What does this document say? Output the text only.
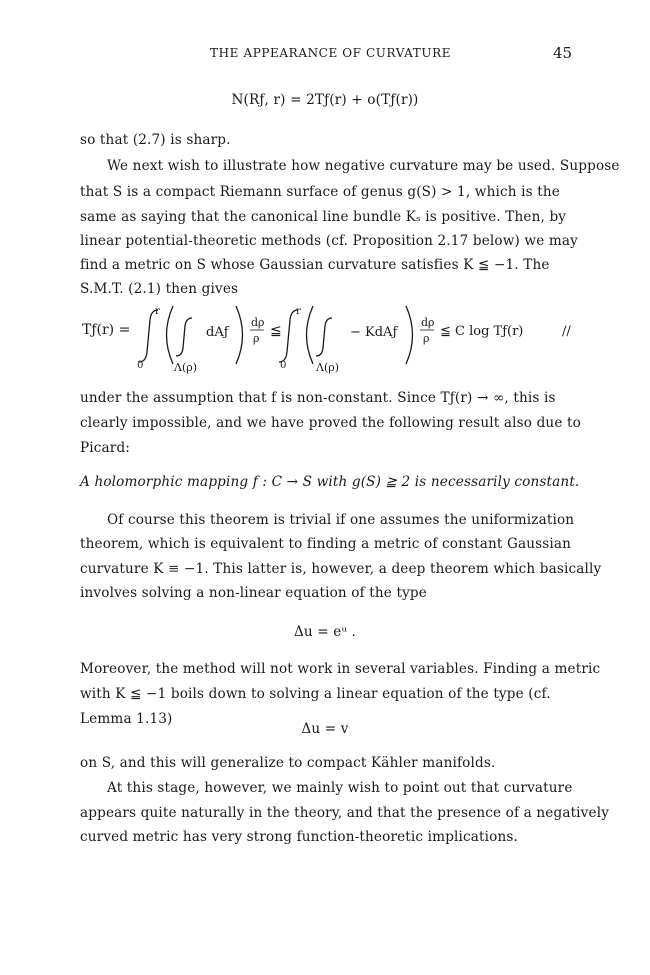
THE APPEARANCE OF CURVATURE	45
N(Rƒ, r) = 2Tƒ(r) + o(Tƒ(r))
so that (2.7) is sharp.
We next wish to illustrate how negative curvature may be used. Suppose
that S is a compact Riemann surface of genus g(S) > 1, which is the
same as saying that the canonical line bundle Kₛ is positive. Then, by
linear potential-theoretic methods (cf. Proposition 2.17 below) we may
find a metric on S whose Gaussian curvature satisfies K ≦ −1. The
S.M.T. (2.1) then gives
Tƒ(r) =
r
0	Λ(ρ)
dAƒ
dρ
ρ ≦
r
0	Λ(ρ)
− KdAƒ
dρ
ρ ≦ C log Tƒ(r)	//
under the assumption that f is non-constant. Since Tƒ(r) → ∞, this is
clearly impossible, and we have proved the following result also due to
Picard:
A holomorphic mapping f : C → S with g(S) ≧ 2 is necessarily constant.
Of course this theorem is trivial if one assumes the uniformization
theorem, which is equivalent to finding a metric of constant Gaussian
curvature K ≡ −1. This latter is, however, a deep theorem which basically
involves solving a non-linear equation of the type
Δu = eᵘ .
Moreover, the method will not work in several variables. Finding a metric
with K ≦ −1 boils down to solving a linear equation of the type (cf.
Lemma 1.13)
Δu = v
on S, and this will generalize to compact Kähler manifolds.
At this stage, however, we mainly wish to point out that curvature
appears quite naturally in the theory, and that the presence of a negatively
curved metric has very strong function-theoretic implications.
